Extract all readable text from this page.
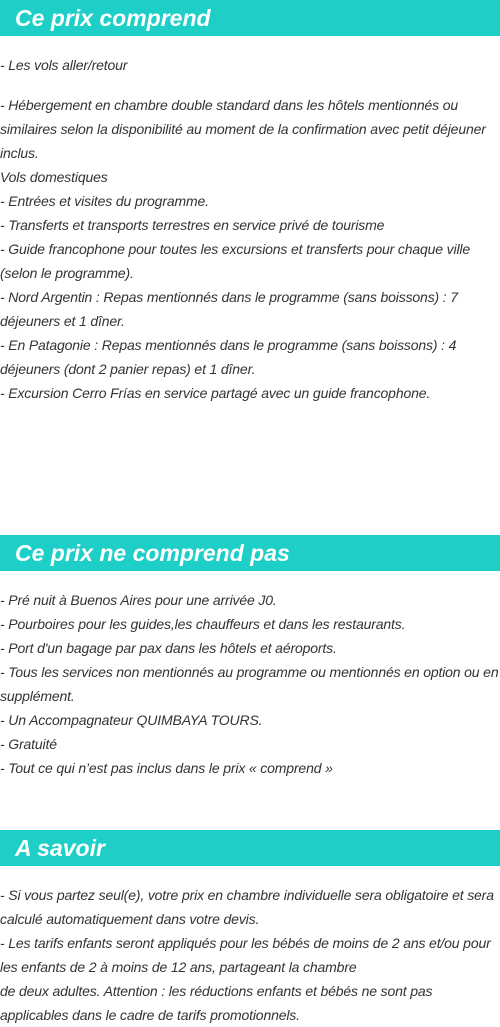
Ce prix comprend

- Les vols aller/retour

- Hébergement en chambre double standard dans les hôtels mentionnés ou similaires selon la disponibilité au moment de la confirmation avec petit déjeuner inclus.

Vols domestiques

- Entrées et visites du programme.

- Transferts et transports terrestres en service privé de tourisme

- Guide francophone pour toutes les excursions et transferts pour chaque ville (selon le programme).

- Nord Argentin : Repas mentionnés dans le programme (sans boissons) : 7 déjeuners et 1 dîner.

- En Patagonie : Repas mentionnés dans le programme (sans boissons) : 4 déjeuners (dont 2 panier repas) et 1 dîner.

- Excursion Cerro Frías en service partagé avec un guide francophone.

Ce prix ne comprend pas

- Pré nuit à Buenos Aires pour une arrivée J0.

- Pourboires pour les guides,les chauffeurs et dans les restaurants.

- Port d'un bagage par pax dans les hôtels et aéroports.

- Tous les services non mentionnés au programme ou mentionnés en option ou en supplément.

- Un Accompagnateur QUIMBAYA TOURS.

- Gratuité

- Tout ce qui n’est pas inclus dans le prix « comprend »

A savoir

- Si vous partez seul(e), votre prix en chambre individuelle sera obligatoire et sera calculé automatiquement dans votre devis.

- Les tarifs enfants seront appliqués pour les bébés de moins de 2 ans et/ou pour les enfants de 2 à moins de 12 ans, partageant la chambre

de deux adultes. Attention : les réductions enfants et bébés ne sont pas applicables dans le cadre de tarifs promotionnels.
